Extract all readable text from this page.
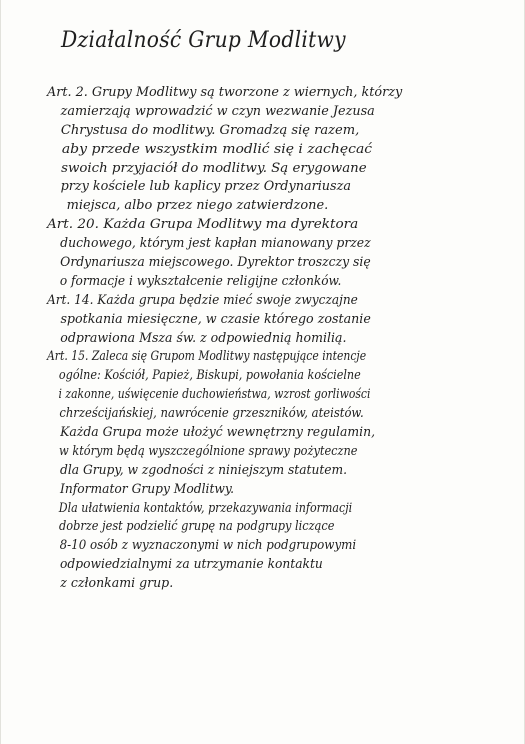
Działalność Grup Modlitwy
Art. 2. Grupy Modlitwy są tworzone z wiernych, którzy
zamierzają wprowadzić w czyn wezwanie Jezusa
Chrystusa do modlitwy. Gromadzą się razem,
aby przede wszystkim modlić się i zachęcać
swoich przyjaciół do modlitwy. Są erygowane
przy kościele lub kaplicy przez Ordynariusza
miejsca, albo przez niego zatwierdzone.
Art. 20. Każda Grupa Modlitwy ma dyrektora
duchowego, którym jest kapłan mianowany przez
Ordynariusza miejscowego. Dyrektor troszczy się
o formacje i wykształcenie religijne członków.
Art. 14. Każda grupa będzie mieć swoje zwyczajne
spotkania miesięczne, w czasie którego zostanie
odprawiona Msza św. z odpowiednią homilią.
Art. 15. Zaleca się Grupom Modlitwy następujące intencje
ogólne: Kościół, Papież, Biskupi, powołania kościelne
i zakonne, uświęcenie duchowieństwa, wzrost gorliwości
chrześcijańskiej, nawrócenie grzeszników, ateistów.
Każda Grupa może ułożyć wewnętrzny regulamin,
w którym będą wyszczególnione sprawy pożyteczne
dla Grupy, w zgodności z niniejszym statutem.
Informator Grupy Modlitwy.
Dla ułatwienia kontaktów, przekazywania informacji
dobrze jest podzielić grupę na podgrupy liczące
8-10 osób z wyznaczonymi w nich podgrupowymi
odpowiedzialnymi za utrzymanie kontaktu
z członkami grup.
